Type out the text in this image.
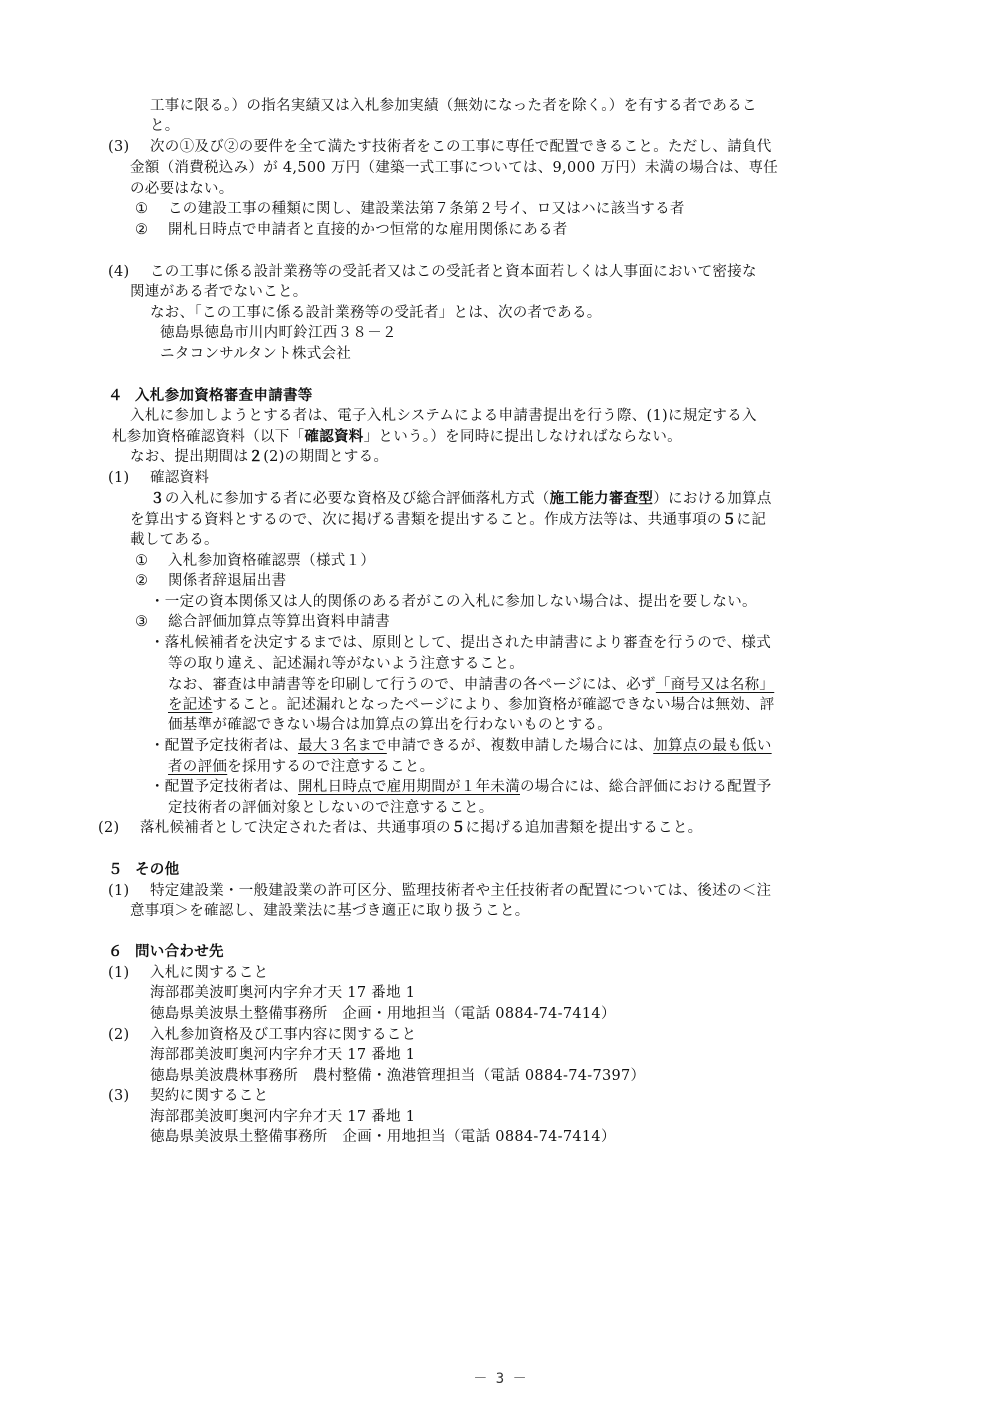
工事に限る。）の指名実績又は入札参加実績（無効になった者を除く。）を有する者であるこ
と。
(3) 次の①及び②の要件を全て満たす技術者をこの工事に専任で配置できること。ただし、請負代
金額（消費税込み）が 4,500 万円（建築一式工事については、9,000 万円）未満の場合は、専任
の必要はない。
① この建設工事の種類に関し、建設業法第７条第２号イ、ロ又はハに該当する者
② 開札日時点で申請者と直接的かつ恒常的な雇用関係にある者
(4) この工事に係る設計業務等の受託者又はこの受託者と資本面若しくは人事面において密接な
関連がある者でないこと。
なお、「この工事に係る設計業務等の受託者」とは、次の者である。
徳島県徳島市川内町鈴江西３８－２
ニタコンサルタント株式会社
４ 入札参加資格審査申請書等
入札に参加しようとする者は、電子入札システムによる申請書提出を行う際、(1)に規定する入
札参加資格確認資料（以下「確認資料」という。）を同時に提出しなければならない。
なお、提出期間は２(2)の期間とする。
(1) 確認資料
３の入札に参加する者に必要な資格及び総合評価落札方式（施工能力審査型）における加算点
を算出する資料とするので、次に掲げる書類を提出すること。作成方法等は、共通事項の５に記
載してある。
① 入札参加資格確認票（様式１）
② 関係者辞退届出書
・一定の資本関係又は人的関係のある者がこの入札に参加しない場合は、提出を要しない。
③ 総合評価加算点等算出資料申請書
・落札候補者を決定するまでは、原則として、提出された申請書により審査を行うので、様式
等の取り違え、記述漏れ等がないよう注意すること。
なお、審査は申請書等を印刷して行うので、申請書の各ページには、必ず「商号又は名称」
を記述すること。記述漏れとなったページにより、参加資格が確認できない場合は無効、評
価基準が確認できない場合は加算点の算出を行わないものとする。
・配置予定技術者は、最大３名まで申請できるが、複数申請した場合には、加算点の最も低い
者の評価を採用するので注意すること。
・配置予定技術者は、開札日時点で雇用期間が１年未満の場合には、総合評価における配置予
定技術者の評価対象としないので注意すること。
(2) 落札候補者として決定された者は、共通事項の５に掲げる追加書類を提出すること。
５ その他
(1) 特定建設業・一般建設業の許可区分、監理技術者や主任技術者の配置については、後述の＜注
意事項＞を確認し、建設業法に基づき適正に取り扱うこと。
６ 問い合わせ先
(1) 入札に関すること
海部郡美波町奥河内字弁才天 17 番地 1
徳島県美波県土整備事務所　企画・用地担当（電話 0884-74-7414）
(2) 入札参加資格及び工事内容に関すること
海部郡美波町奥河内字弁才天 17 番地 1
徳島県美波農林事務所　農村整備・漁港管理担当（電話 0884-74-7397）
(3) 契約に関すること
海部郡美波町奥河内字弁才天 17 番地 1
徳島県美波県土整備事務所　企画・用地担当（電話 0884-74-7414）
－ 3 －
